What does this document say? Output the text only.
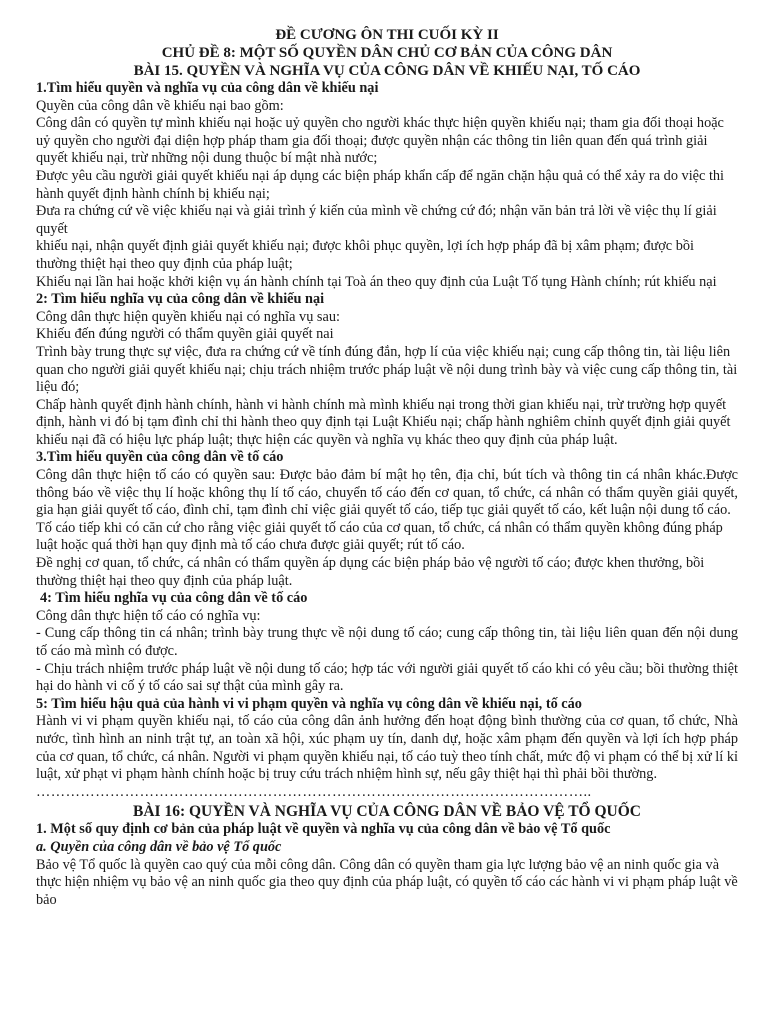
ĐỀ CƯƠNG ÔN THI CUỐI KỲ II
CHỦ ĐỀ 8: MỘT SỐ QUYỀN DÂN CHỦ CƠ BẢN CỦA CÔNG DÂN
BÀI 15. QUYỀN VÀ NGHĨA VỤ CỦA CÔNG DÂN VỀ KHIẾU NẠI, TỐ CÁO

1.Tìm hiểu quyền và nghĩa vụ của công dân về khiếu nại

Quyền của công dân về khiếu nại bao gồm:

Công dân có quyền tự mình khiếu nại hoặc uỷ quyền cho người khác thực hiện quyền khiếu nại; tham gia đối thoại hoặc uỷ quyền cho người đại diện hợp pháp tham gia đối thoại; được quyền nhận các thông tin liên quan đến quá trình giải quyết khiếu nại, trừ những nội dung thuộc bí mật nhà nước;

Được yêu cầu người giải quyết khiếu nại áp dụng các biện pháp khẩn cấp để ngăn chặn hậu quả có thể xảy ra do việc thi hành quyết định hành chính bị khiếu nại;

Đưa ra chứng cứ về việc khiếu nại và giải trình ý kiến của mình về chứng cứ đó; nhận văn bản trả lời về việc thụ lí giải quyết

khiếu nại, nhận quyết định giải quyết khiếu nại; được khôi phục quyền, lợi ích hợp pháp đã bị xâm phạm; được bồi thường thiệt hại theo quy định của pháp luật;

Khiếu nại lần hai hoặc khởi kiện vụ án hành chính tại Toà án theo quy định của Luật Tố tụng Hành chính; rút khiếu nại

2: Tìm hiểu nghĩa vụ của công dân về khiếu nại

Công dân thực hiện quyền khiếu nại có nghĩa vụ sau:

Khiếu đến đúng người có thẩm quyền giải quyết nai

Trình bày trung thực sự việc, đưa ra chứng cứ về tính đúng đắn, hợp lí của việc khiếu nại; cung cấp thông tin, tài liệu liên quan cho người giải quyết khiếu nại; chịu trách nhiệm trước pháp luật về nội dung trình bày và việc cung cấp thông tin, tài liệu đó;

Chấp hành quyết định hành chính, hành vi hành chính mà mình khiếu nại trong thời gian khiếu nại, trừ trường hợp quyết định, hành vi đó bị tạm đình chỉ thi hành theo quy định tại Luật Khiếu nại; chấp hành nghiêm chỉnh quyết định giải quyết khiếu nại đã có hiệu lực pháp luật; thực hiện các quyền và nghĩa vụ khác theo quy định của pháp luật.

3.Tìm hiểu quyền của công dân về tố cáo

Công dân thực hiện tố cáo có quyền sau: Được bảo đảm bí mật họ tên, địa chỉ, bút tích và thông tin cá nhân khác.Được thông báo về việc thụ lí hoặc không thụ lí tố cáo, chuyển tố cáo đến cơ quan, tổ chức, cá nhân có thẩm quyền giải quyết, gia hạn giải quyết tố cáo, đình chỉ, tạm đình chỉ việc giải quyết tố cáo, tiếp tục giải quyết tố cáo, kết luận nội dung tố cáo.

Tố cáo tiếp khi có căn cứ cho rằng việc giải quyết tố cáo của cơ quan, tổ chức, cá nhân có thẩm quyền không đúng pháp luật hoặc quá thời hạn quy định mà tố cáo chưa được giải quyết; rút tố cáo.

Đề nghị cơ quan, tổ chức, cá nhân có thẩm quyền áp dụng các biện pháp bảo vệ người tố cáo; được khen thưởng, bồi thường thiệt hại theo quy định của pháp luật.

4: Tìm hiểu nghĩa vụ của công dân về tố cáo

Công dân thực hiện tố cáo có nghĩa vụ:

- Cung cấp thông tin cá nhân; trình bày trung thực về nội dung tố cáo; cung cấp thông tin, tài liệu liên quan đến nội dung tố cáo mà mình có được.

- Chịu trách nhiệm trước pháp luật về nội dung tố cáo; hợp tác với người giải quyết tố cáo khi có yêu cầu; bồi thường thiệt hại do hành vi cố ý tố cáo sai sự thật của mình gây ra.

5: Tìm hiểu hậu quả của hành vi vi phạm quyền và nghĩa vụ công dân về khiếu nại, tố cáo

Hành vi vi phạm quyền khiếu nại, tố cáo của công dân ảnh hưởng đến hoạt động bình thường của cơ quan, tổ chức, Nhà nước, tình hình an ninh trật tự, an toàn xã hội, xúc phạm uy tín, danh dự, hoặc xâm phạm đến quyền và lợi ích hợp pháp của cơ quan, tổ chức, cá nhân. Người vi phạm quyền khiếu nại, tố cáo tuỳ theo tính chất, mức độ vi phạm có thể bị xử lí kỉ luật, xử phạt vi phạm hành chính hoặc bị truy cứu trách nhiệm hình sự, nếu gây thiệt hại thì phải bồi thường.

…………………………………………………………………………………………………..
BÀI 16: QUYỀN VÀ NGHĨA VỤ CỦA CÔNG DÂN VỀ BẢO VỆ TỔ QUỐC

1. Một số quy định cơ bản của pháp luật về quyền và nghĩa vụ của công dân về bảo vệ Tổ quốc

a. Quyền của công dân về bảo vệ Tổ quốc

Bảo vệ Tổ quốc là quyền cao quý của mỗi công dân. Công dân có quyền tham gia lực lượng bảo vệ an ninh quốc gia và thực hiện nhiệm vụ bảo vệ an ninh quốc gia theo quy định của pháp luật, có quyền tố cáo các hành vi vi phạm pháp luật về bảo
